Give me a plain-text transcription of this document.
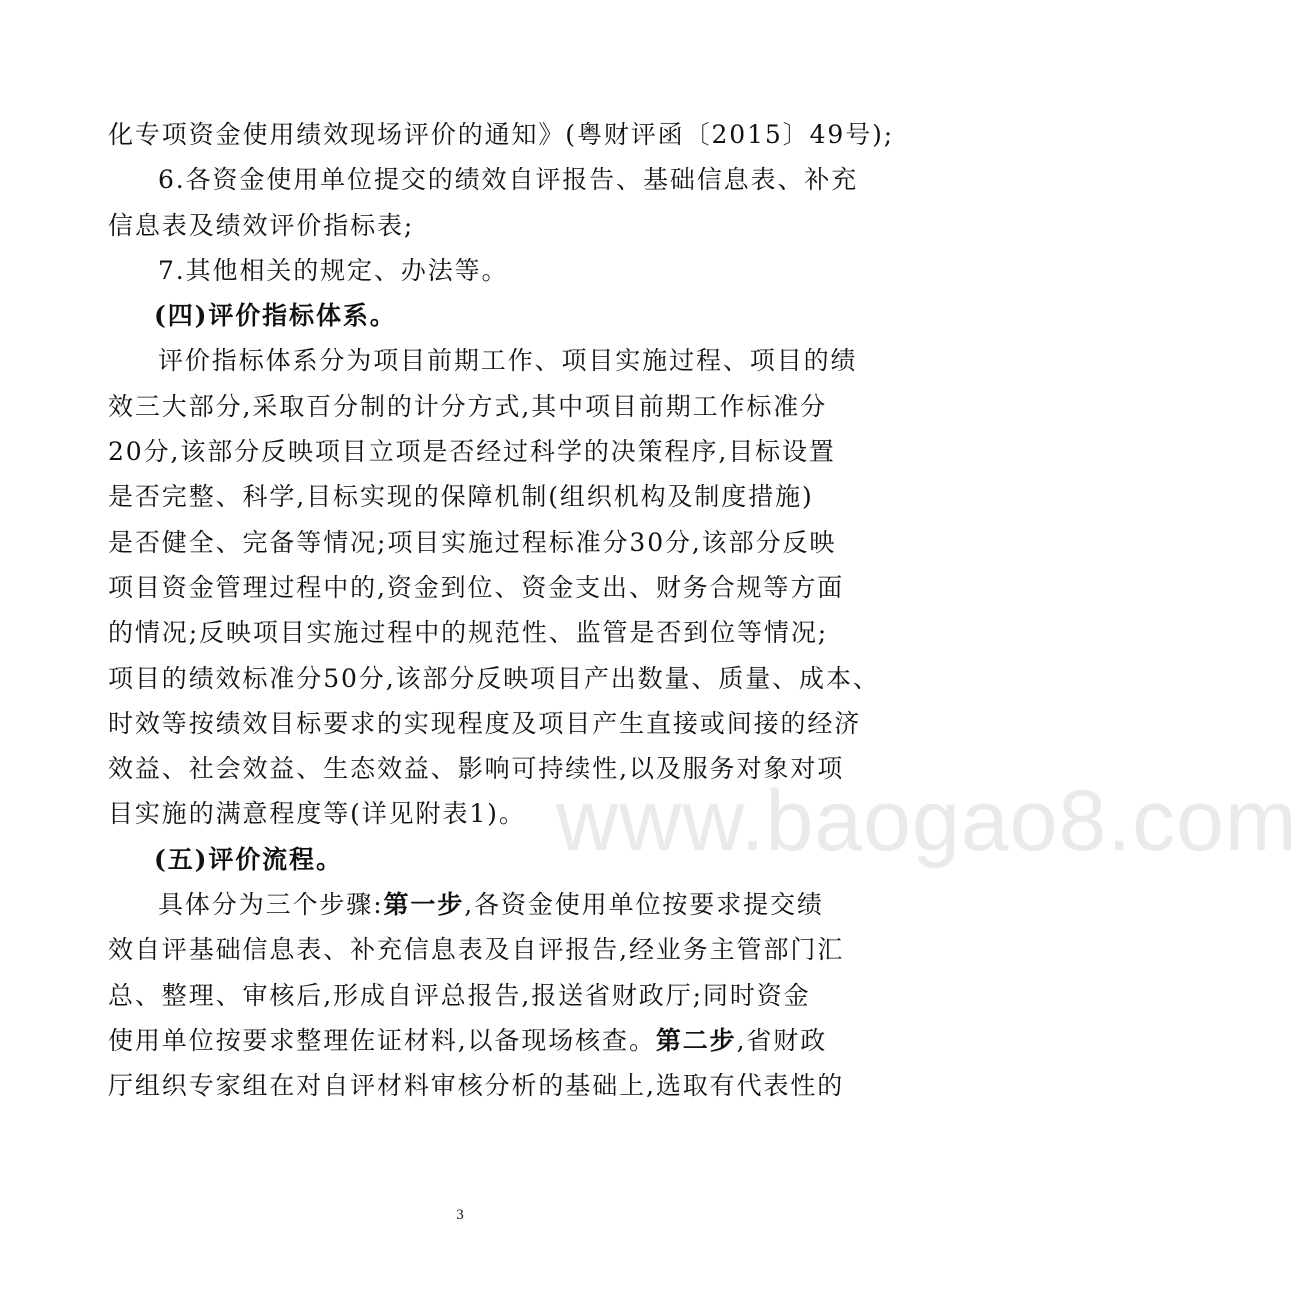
化专项资金使用绩效现场评价的通知》(粤财评函〔2015〕49号);
6.各资金使用单位提交的绩效自评报告、基础信息表、补充
信息表及绩效评价指标表;
7.其他相关的规定、办法等。
(四)评价指标体系。
评价指标体系分为项目前期工作、项目实施过程、项目的绩
效三大部分,采取百分制的计分方式,其中项目前期工作标准分
20分,该部分反映项目立项是否经过科学的决策程序,目标设置
是否完整、科学,目标实现的保障机制(组织机构及制度措施)
是否健全、完备等情况;项目实施过程标准分30分,该部分反映
项目资金管理过程中的,资金到位、资金支出、财务合规等方面
的情况;反映项目实施过程中的规范性、监管是否到位等情况;
项目的绩效标准分50分,该部分反映项目产出数量、质量、成本、
时效等按绩效目标要求的实现程度及项目产生直接或间接的经济
效益、社会效益、生态效益、影响可持续性,以及服务对象对项
目实施的满意程度等(详见附表1)。
(五)评价流程。
具体分为三个步骤:第一步,各资金使用单位按要求提交绩
效自评基础信息表、补充信息表及自评报告,经业务主管部门汇
总、整理、审核后,形成自评总报告,报送省财政厅;同时资金
使用单位按要求整理佐证材料,以备现场核查。第二步,省财政
厅组织专家组在对自评材料审核分析的基础上,选取有代表性的
www.baogao8.com
3
